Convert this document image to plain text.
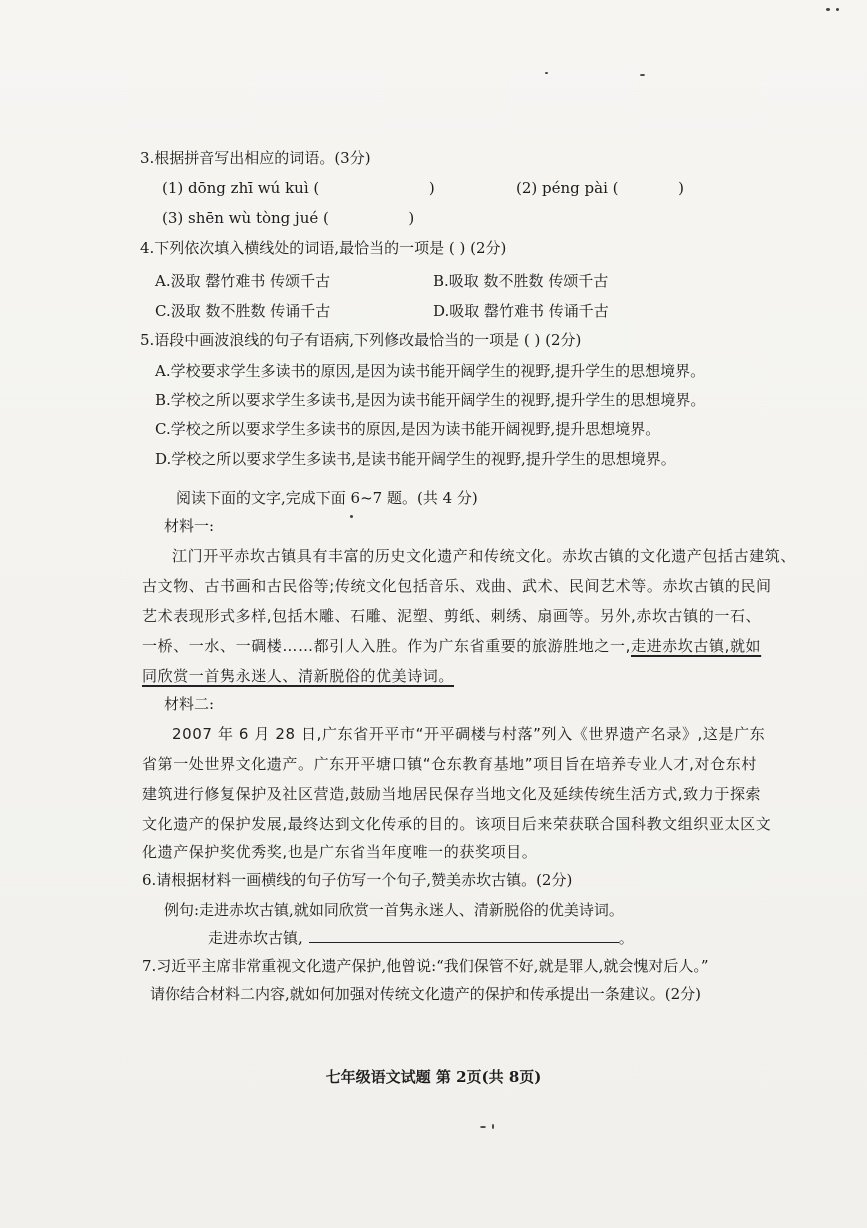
3.根据拼音写出相应的词语。(3分)
(1) dōng zhī wú kuì (	)	(2) péng pài (	)
(3) shēn wù tòng jué (	)
4.下列依次填入横线处的词语,最恰当的一项是 ( ) (2分)
A.汲取 罄竹难书 传颂千古	B.吸取 数不胜数 传颂千古
C.汲取 数不胜数 传诵千古	D.吸取 罄竹难书 传诵千古
5.语段中画波浪线的句子有语病,下列修改最恰当的一项是 ( ) (2分)
A.学校要求学生多读书的原因,是因为读书能开阔学生的视野,提升学生的思想境界。
B.学校之所以要求学生多读书,是因为读书能开阔学生的视野,提升学生的思想境界。
C.学校之所以要求学生多读书的原因,是因为读书能开阔视野,提升思想境界。
D.学校之所以要求学生多读书,是读书能开阔学生的视野,提升学生的思想境界。
阅读下面的文字,完成下面 6~7 题。(共 4 分)
材料一:
江门开平赤坎古镇具有丰富的历史文化遗产和传统文化。赤坎古镇的文化遗产包括古建筑、
古文物、古书画和古民俗等;传统文化包括音乐、戏曲、武术、民间艺术等。赤坎古镇的民间
艺术表现形式多样,包括木雕、石雕、泥塑、剪纸、刺绣、扇画等。另外,赤坎古镇的一石、
一桥、一水、一碉楼……都引人入胜。作为广东省重要的旅游胜地之一,走进赤坎古镇,就如
同欣赏一首隽永迷人、清新脱俗的优美诗词。
材料二:
2007 年 6 月 28 日,广东省开平市“开平碉楼与村落”列入《世界遗产名录》,这是广东
省第一处世界文化遗产。广东开平塘口镇“仓东教育基地”项目旨在培养专业人才,对仓东村
建筑进行修复保护及社区营造,鼓励当地居民保存当地文化及延续传统生活方式,致力于探索
文化遗产的保护发展,最终达到文化传承的目的。该项目后来荣获联合国科教文组织亚太区文
化遗产保护奖优秀奖,也是广东省当年度唯一的获奖项目。
6.请根据材料一画横线的句子仿写一个句子,赞美赤坎古镇。(2分)
例句:走进赤坎古镇,就如同欣赏一首隽永迷人、清新脱俗的优美诗词。
走进赤坎古镇,	。
7.习近平主席非常重视文化遗产保护,他曾说:“我们保管不好,就是罪人,就会愧对后人。”
请你结合材料二内容,就如何加强对传统文化遗产的保护和传承提出一条建议。(2分)
七年级语文试题 第 2页(共 8页)
